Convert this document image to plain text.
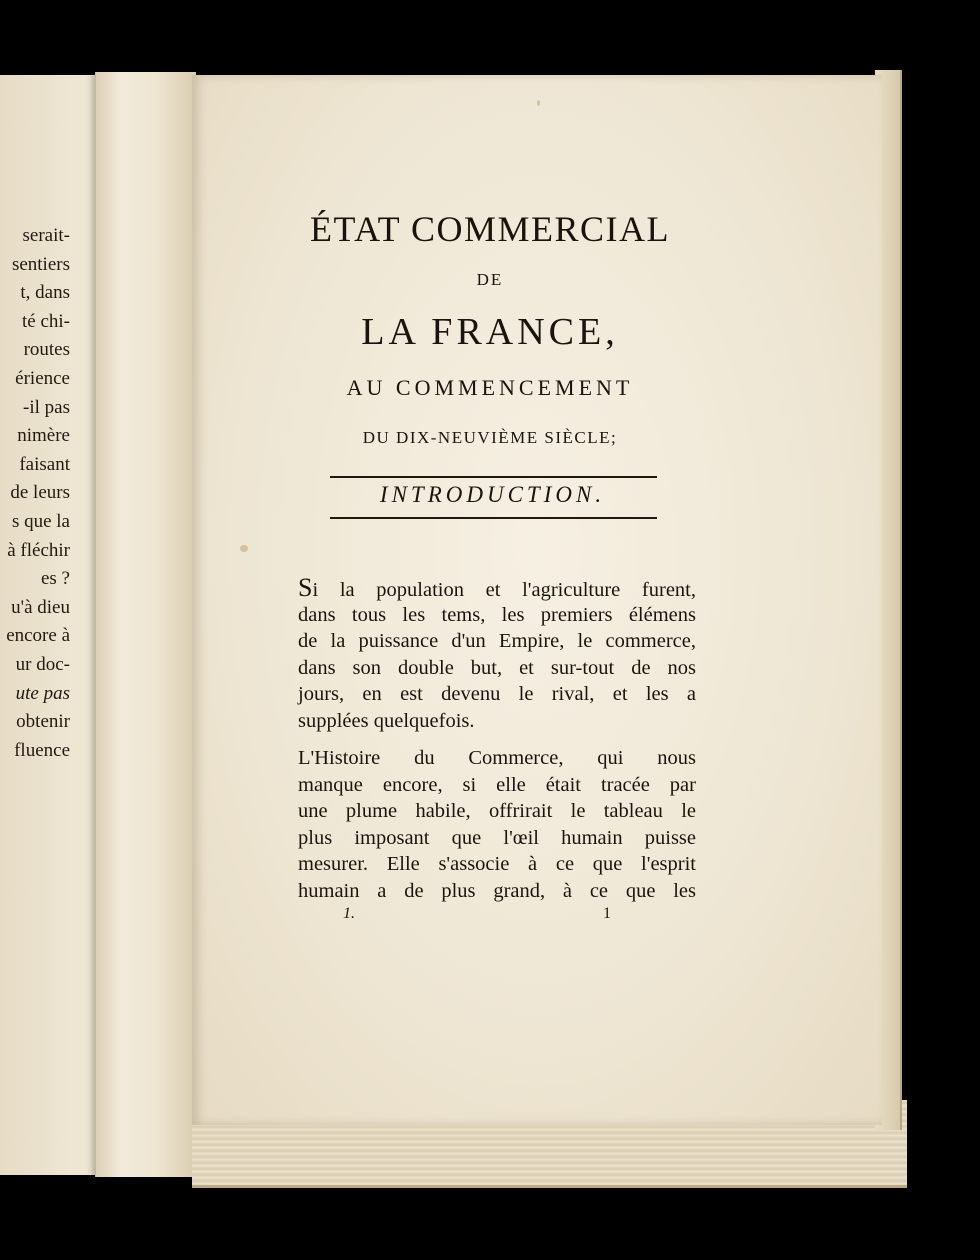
serait-
sentiers
t, dans
té chi-
routes
érience
-il pas
nimère
faisant
de leurs
s que la
à fléchir
es ?
u'à dieu
encore à
ur doc-
ute pas
obtenir
fluence
ÉTAT COMMERCIAL
DE
LA FRANCE,
AU COMMENCEMENT
DU DIX-NEUVIÈME SIÈCLE;
INTRODUCTION.
Si la population et l'agriculture furent,
dans tous les tems, les premiers élémens
de la puissance d'un Empire, le commerce,
dans son double but, et sur-tout de nos
jours, en est devenu le rival, et les a
supplées quelquefois.
L'Histoire du Commerce, qui nous
manque encore, si elle était tracée par
une plume habile, offrirait le tableau le
plus imposant que l'œil humain puisse
mesurer. Elle s'associe à ce que l'esprit
humain a de plus grand, à ce que les
1.	1
